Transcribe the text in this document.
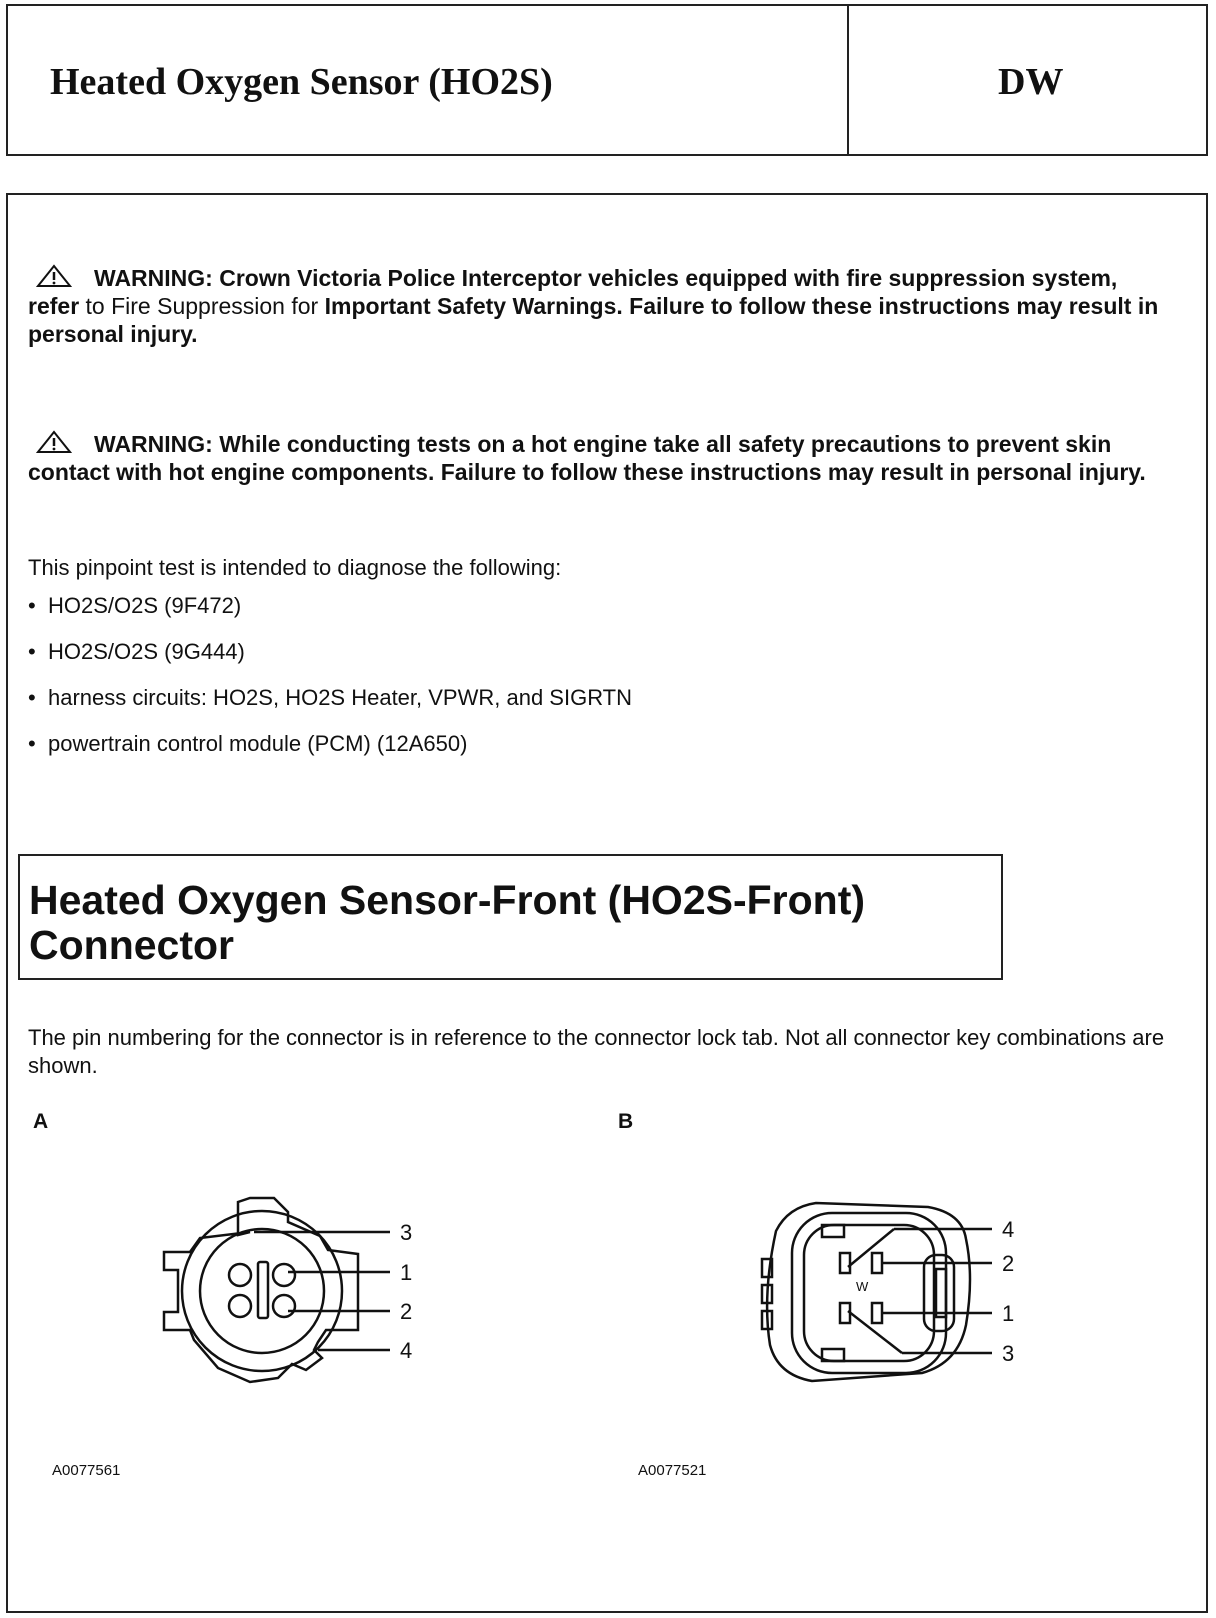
Heated Oxygen Sensor (HO2S)	DW
WARNING: Crown Victoria Police Interceptor vehicles equipped with fire suppression system, refer to Fire Suppression for Important Safety Warnings. Failure to follow these instructions may result in personal injury.
WARNING: While conducting tests on a hot engine take all safety precautions to prevent skin contact with hot engine components. Failure to follow these instructions may result in personal injury.
This pinpoint test is intended to diagnose the following:
• HO2S/O2S (9F472)
• HO2S/O2S (9G444)
• harness circuits: HO2S, HO2S Heater, VPWR, and SIGRTN
• powertrain control module (PCM) (12A650)
Heated Oxygen Sensor-Front (HO2S-Front) Connector
The pin numbering for the connector is in reference to the connector lock tab. Not all connector key combinations are shown.
A	B
3
1
2
4
W
4
2
1
3
A0077561	A0077521
